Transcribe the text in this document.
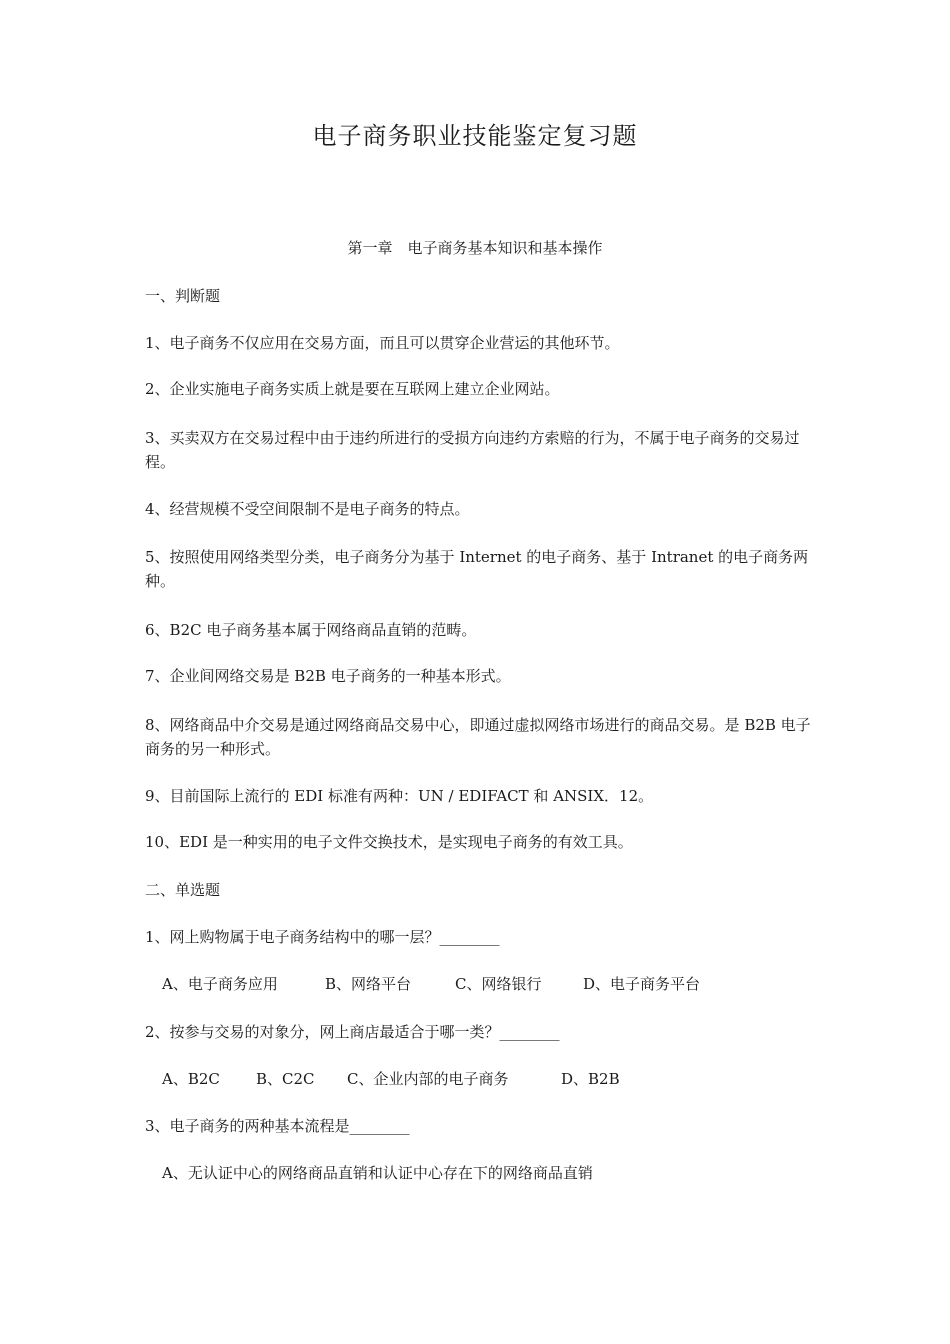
电子商务职业技能鉴定复习题
第一章　电子商务基本知识和基本操作
一、判断题
1、电子商务不仅应用在交易方面，而且可以贯穿企业营运的其他环节。
2、企业实施电子商务实质上就是要在互联网上建立企业网站。
3、买卖双方在交易过程中由于违约所进行的受损方向违约方索赔的行为，不属于电子商务的交易过程。
4、经营规模不受空间限制不是电子商务的特点。
5、按照使用网络类型分类，电子商务分为基于 Internet 的电子商务、基于 Intranet 的电子商务两种。
6、B2C 电子商务基本属于网络商品直销的范畴。
7、企业间网络交易是 B2B 电子商务的一种基本形式。
8、网络商品中介交易是通过网络商品交易中心，即通过虚拟网络市场进行的商品交易。是 B2B 电子商务的另一种形式。
9、目前国际上流行的 EDI 标准有两种：UN / EDIFACT 和 ANSIX．12。
10、EDI 是一种实用的电子文件交换技术，是实现电子商务的有效工具。
二、单选题
1、网上购物属于电子商务结构中的哪一层？________
A、电子商务应用	B、网络平台	C、网络银行	D、电子商务平台
2、按参与交易的对象分，网上商店最适合于哪一类？________
A、B2C B、C2C C、企业内部的电子商务	D、B2B
3、电子商务的两种基本流程是________
A、无认证中心的网络商品直销和认证中心存在下的网络商品直销
